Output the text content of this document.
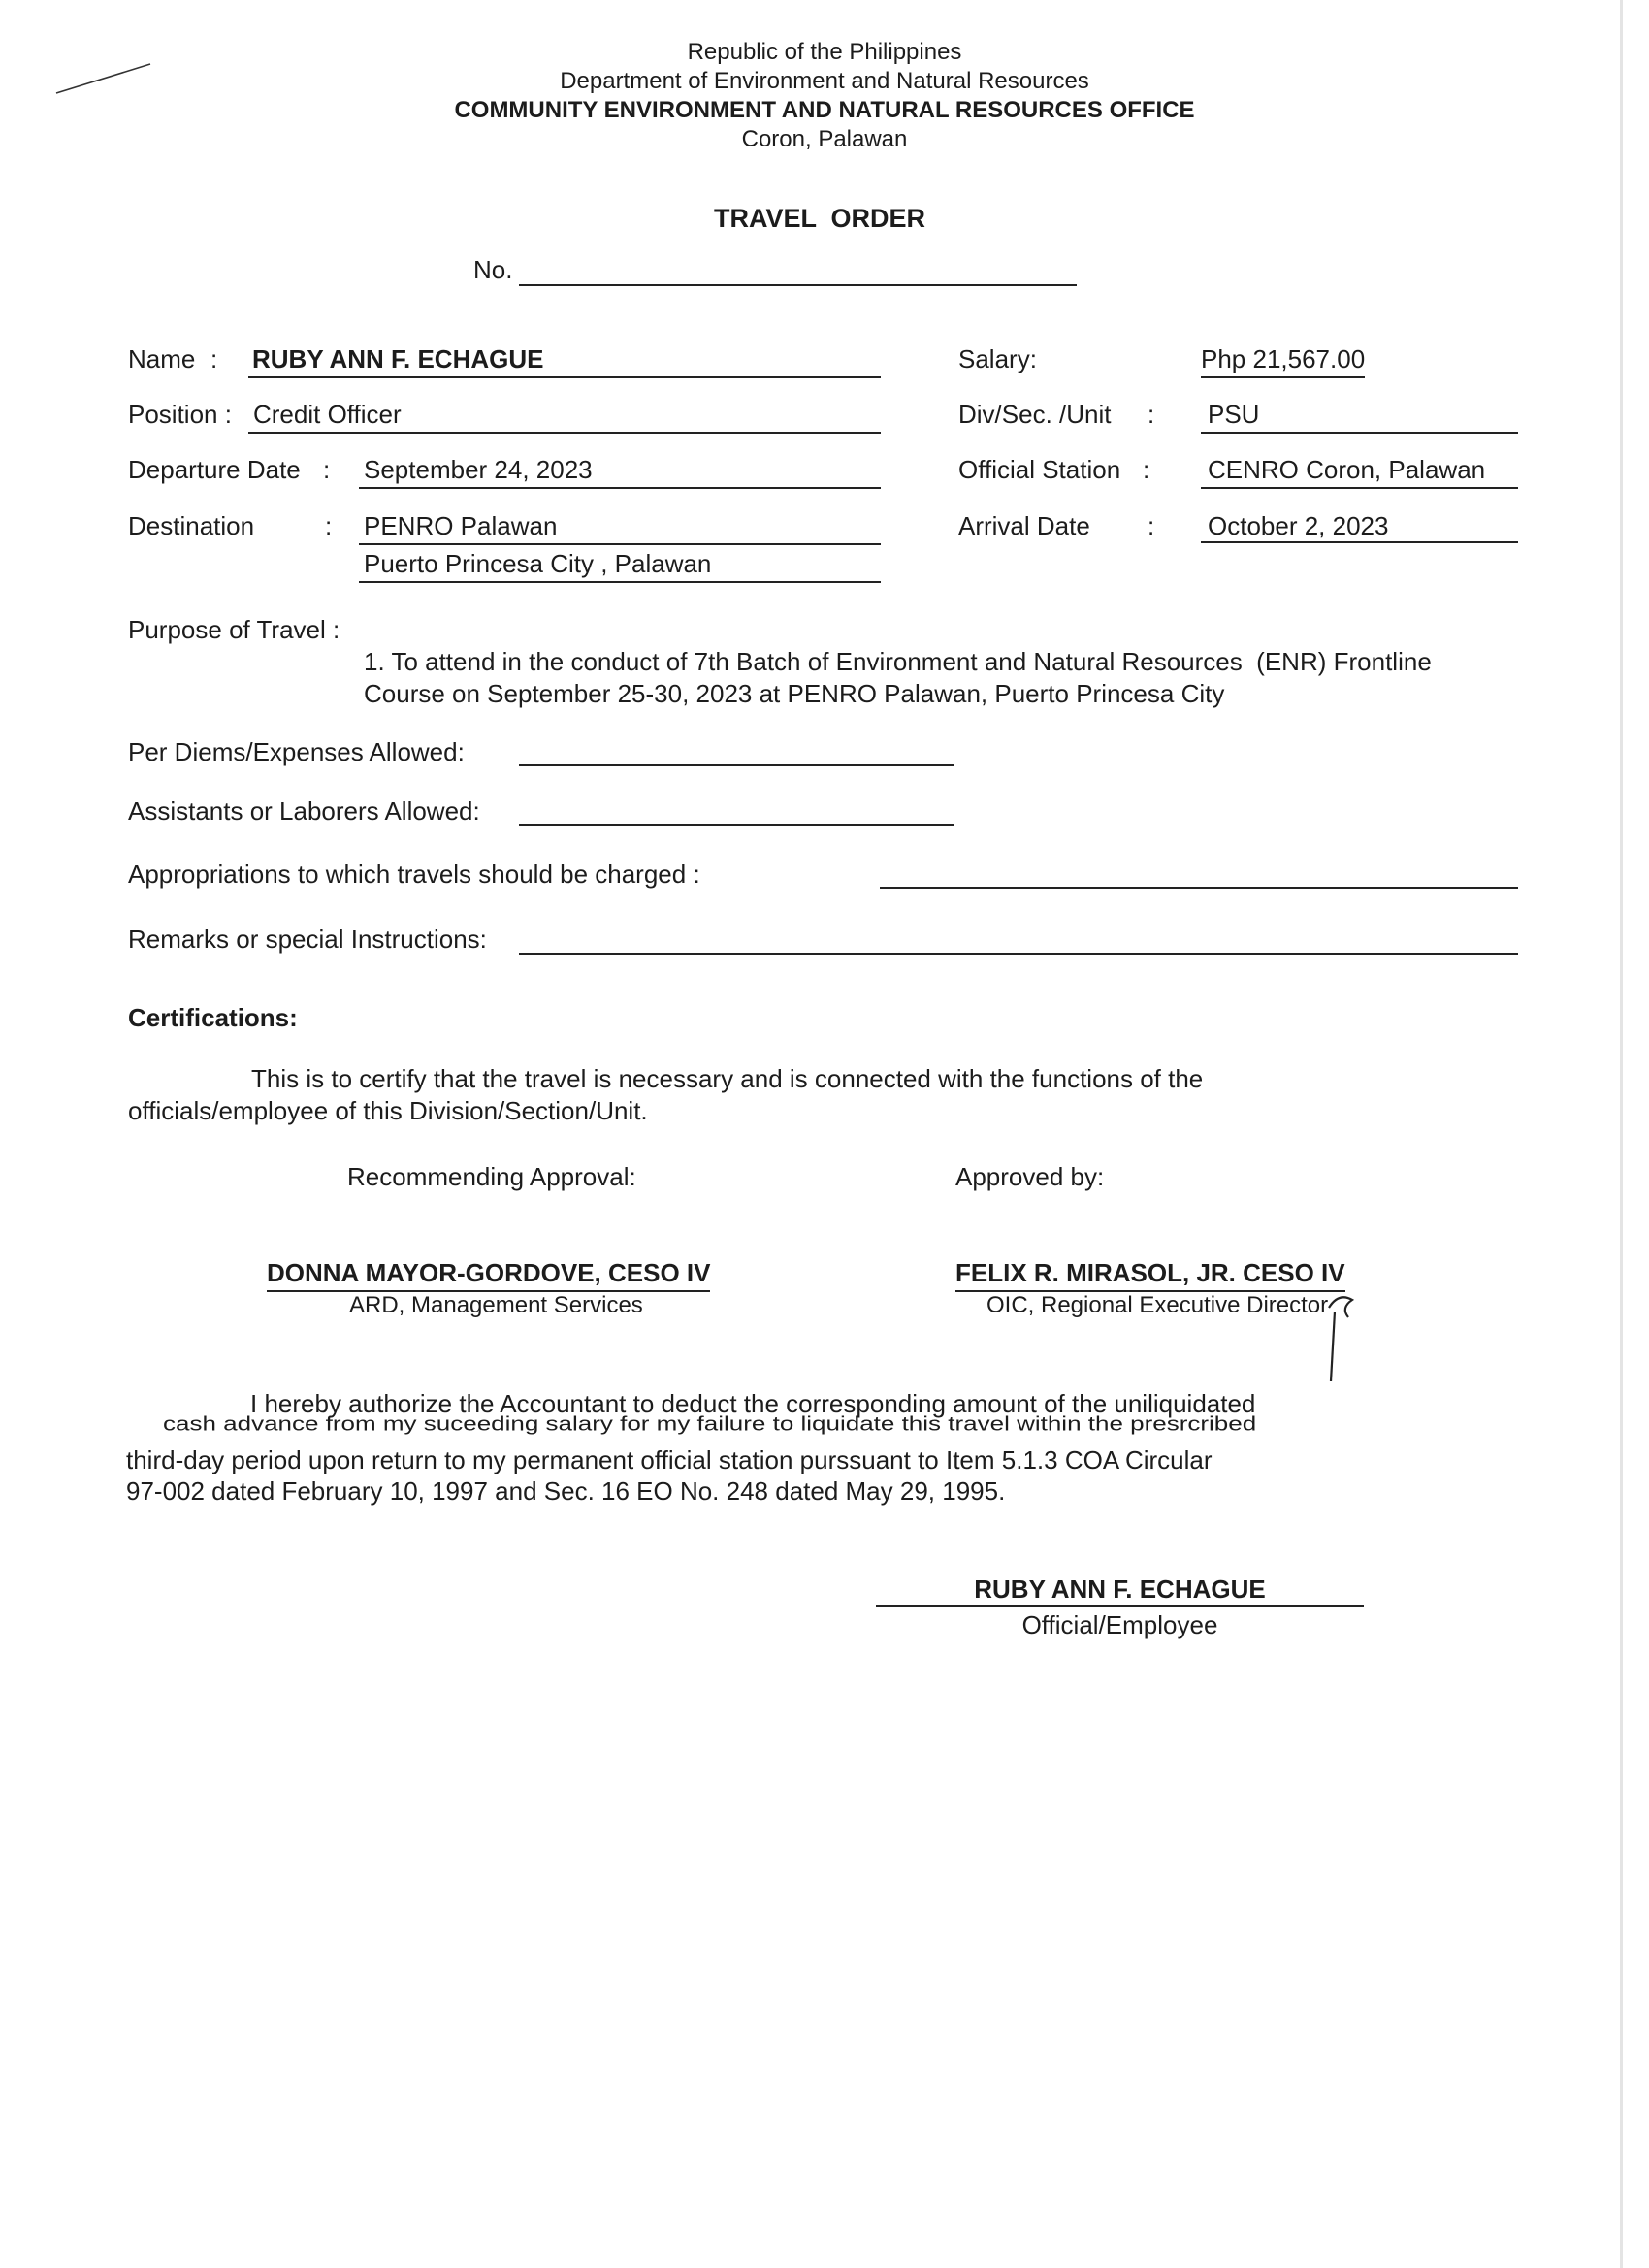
Republic of the Philippines
Department of Environment and Natural Resources
COMMUNITY ENVIRONMENT AND NATURAL RESOURCES OFFICE
Coron, Palawan
TRAVEL  ORDER
No.
Name : RUBY ANN F. ECHAGUE	Salary:	Php 21,567.00
Position : Credit Officer	Div/Sec. /Unit : PSU
Departure Date : September 24, 2023	Official Station : CENRO Coron, Palawan
Destination	: PENRO Palawan
Puerto Princesa City , Palawan
Arrival Date : October 2, 2023
Purpose of Travel :
1. To attend in the conduct of 7th Batch of Environment and Natural Resources  (ENR) Frontline
Course on September 25-30, 2023 at PENRO Palawan, Puerto Princesa City
Per Diems/Expenses Allowed:
Assistants or Laborers Allowed:
Appropriations to which travels should be charged :
Remarks or special Instructions:
Certifications:
This is to certify that the travel is necessary and is connected with the functions of the
officials/employee of this Division/Section/Unit.
Recommending Approval:	Approved by:
DONNA MAYOR-GORDOVE, CESO IV
ARD, Management Services
FELIX R. MIRASOL, JR. CESO IV
OIC, Regional Executive Director
I hereby authorize the Accountant to deduct the corresponding amount of the uniliquidated
cash advance from my suceeding salary for my failure to liquidate this travel within the presrcribed
third-day period upon return to my permanent official station purssuant to Item 5.1.3 COA Circular
97-002 dated February 10, 1997 and Sec. 16 EO No. 248 dated May 29, 1995.
RUBY ANN F. ECHAGUE
Official/Employee
